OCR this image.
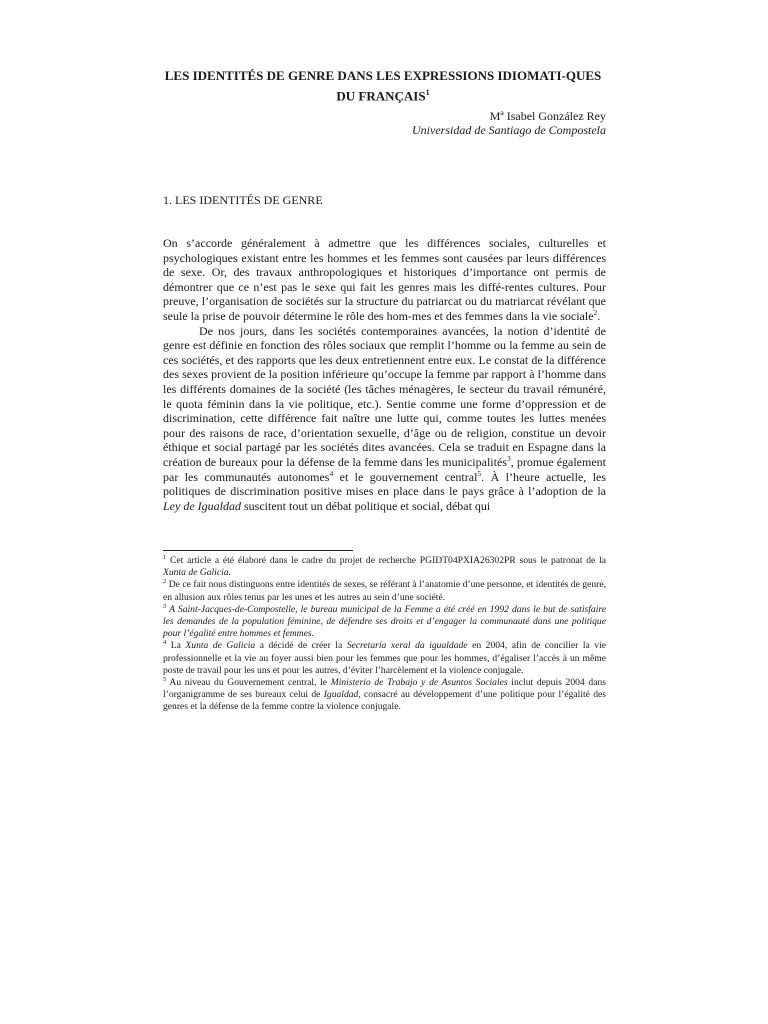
LES IDENTITÉS DE GENRE DANS LES EXPRESSIONS IDIOMATI-QUES DU FRANÇAIS$^1$
Mª Isabel González Rey
Universidad de Santiago de Compostela
1. LES IDENTITÉS DE GENRE

On s’accorde généralement à admettre que les différences sociales, culturelles et psychologiques existant entre les hommes et les femmes sont causées par leurs différences de sexe. Or, des travaux anthropologiques et historiques d’importance ont permis de démontrer que ce n’est pas le sexe qui fait les genres mais les diffé-rentes cultures. Pour preuve, l’organisation de sociétés sur la structure du patriarcat ou du matriarcat révélant que seule la prise de pouvoir détermine le rôle des hom-mes et des femmes dans la vie sociale$^2$.

De nos jours, dans les sociétés contemporaines avancées, la notion d’identité de genre est définie en fonction des rôles sociaux que remplit l’homme ou la femme au sein de ces sociétés, et des rapports que les deux entretiennent entre eux. Le constat de la différence des sexes provient de la position inférieure qu’occupe la femme par rapport à l’homme dans les différents domaines de la société (les tâches ménagères, le secteur du travail rémunéré, le quota féminin dans la vie politique, etc.). Sentie comme une forme d’oppression et de discrimination, cette différence fait naître une lutte qui, comme toutes les luttes menées pour des raisons de race, d’orientation sexuelle, d’âge ou de religion, constitue un devoir éthique et social partagé par les sociétés dites avancées. Cela se traduit en Espagne dans la création de bureaux pour la défense de la femme dans les municipalités$^3$, promue également par les communautés autonomes$^4$ et le gouvernement central$^5$. À l’heure actuelle, les politiques de discrimination positive mises en place dans le pays grâce à l’adoption de la Ley de Igualdad suscitent tout un débat politique et social, débat qui

$^1$ Cet article a été élaboré dans le cadre du projet de recherche PGIDT04PXIA26302PR sous le patronat de la Xunta de Galicia.

$^2$ De ce fait nous distinguons entre identités de sexes, se référant à l’anatomie d’une personne, et identités de genre, en allusion aux rôles tenus par les unes et les autres au sein d’une société.

$^3$ A Saint-Jacques-de-Compostelle, le bureau municipal de la Femme a été créé en 1992 dans le but de satisfaire les demandes de la population féminine, de défendre ses droits et d’engager la communauté dans une politique pour l’égalité entre hommes et femmes.

$^4$ La Xunta de Galicia a décidé de créer la Secretaría xeral da igualdade en 2004, afin de concilier la vie professionnelle et la vie au foyer aussi bien pour les femmes que pour les hommes, d’égaliser l’accès à un même poste de travail pour les uns et pour les autres, d’éviter l’harcèlement et la violence conjugale.

$^5$ Au niveau du Gouvernement central, le Ministerio de Trabajo y de Asuntos Sociales inclut depuis 2004 dans l’organigramme de ses bureaux celui de Igualdad, consacré au développement d’une politique pour l’égalité des genres et la défense de la femme contre la violence conjugale.
